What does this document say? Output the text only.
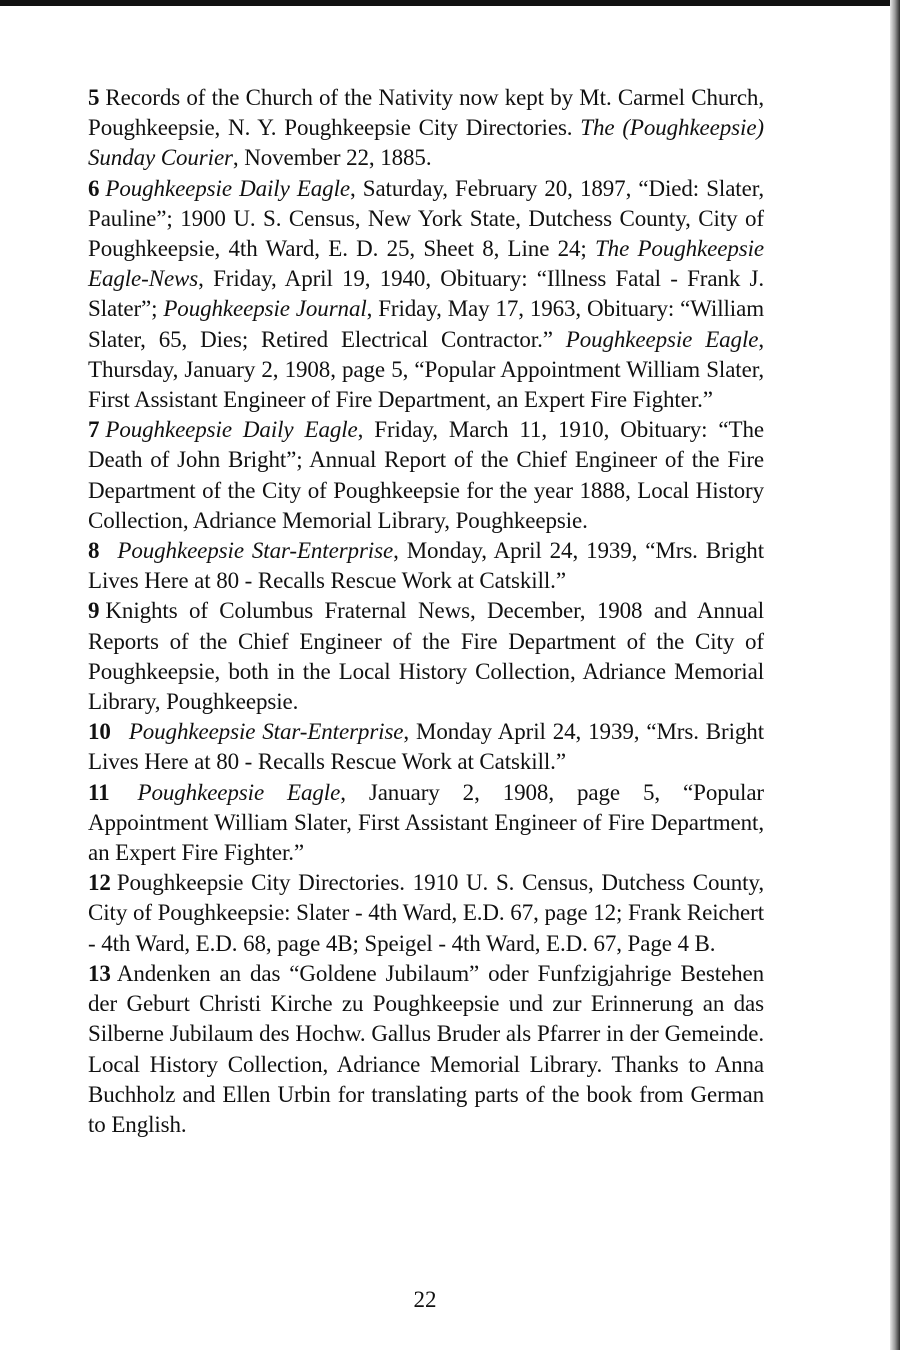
5 Records of the Church of the Nativity now kept by Mt. Carmel Church, Poughkeepsie, N. Y. Poughkeepsie City Directories. The (Poughkeepsie) Sunday Courier, November 22, 1885.

6 Poughkeepsie Daily Eagle, Saturday, February 20, 1897, “Died: Slater, Pauline”; 1900 U. S. Census, New York State, Dutchess County, City of Poughkeepsie, 4th Ward, E. D. 25, Sheet 8, Line 24; The Poughkeepsie Eagle-News, Friday, April 19, 1940, Obituary: “Illness Fatal - Frank J. Slater”; Poughkeepsie Journal, Friday, May 17, 1963, Obituary: “William Slater, 65, Dies; Retired Electrical Contractor.” Poughkeepsie Eagle, Thursday, January 2, 1908, page 5, “Popular Appointment William Slater, First Assistant Engineer of Fire Department, an Expert Fire Fighter.”

7 Poughkeepsie Daily Eagle, Friday, March 11, 1910, Obituary: “The Death of John Bright”; Annual Report of the Chief Engineer of the Fire Department of the City of Poughkeepsie for the year 1888, Local History Collection, Adriance Memorial Library, Poughkeepsie.

8 Poughkeepsie Star-Enterprise, Monday, April 24, 1939, “Mrs. Bright Lives Here at 80 - Recalls Rescue Work at Catskill.”

9 Knights of Columbus Fraternal News, December, 1908 and Annual Reports of the Chief Engineer of the Fire Department of the City of Poughkeepsie, both in the Local History Collection, Adriance Memorial Library, Poughkeepsie.

10 Poughkeepsie Star-Enterprise, Monday April 24, 1939, “Mrs. Bright Lives Here at 80 - Recalls Rescue Work at Catskill.”

11 Poughkeepsie Eagle, January 2, 1908, page 5, “Popular Appointment William Slater, First Assistant Engineer of Fire Department, an Expert Fire Fighter.”

12 Poughkeepsie City Directories. 1910 U. S. Census, Dutchess County, City of Poughkeepsie: Slater - 4th Ward, E.D. 67, page 12; Frank Reichert - 4th Ward, E.D. 68, page 4B; Speigel - 4th Ward, E.D. 67, Page 4 B.

13 Andenken an das “Goldene Jubilaum” oder Funfzigjahrige Bestehen der Geburt Christi Kirche zu Poughkeepsie und zur Erinnerung an das Silberne Jubilaum des Hochw. Gallus Bruder als Pfarrer in der Gemeinde. Local History Collection, Adriance Memorial Library. Thanks to Anna Buchholz and Ellen Urbin for translating parts of the book from German to English.

22
